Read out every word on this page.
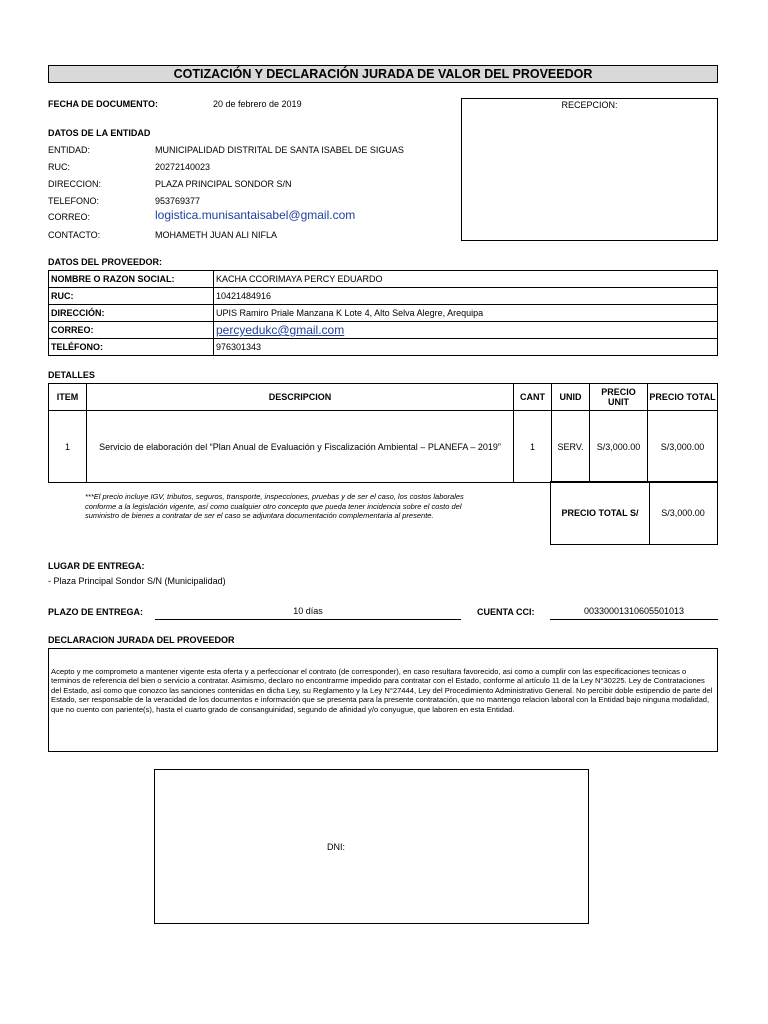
COTIZACIÓN Y DECLARACIÓN JURADA DE VALOR DEL PROVEEDOR
FECHA DE DOCUMENTO:	20 de febrero de 2019	RECEPCION:
DATOS DE LA ENTIDAD
ENTIDAD:	MUNICIPALIDAD DISTRITAL DE SANTA ISABEL DE SIGUAS
RUC:	20272140023
DIRECCION:	PLAZA PRINCIPAL SONDOR S/N
TELEFONO:	953769377
CORREO:	logistica.munisantaisabel@gmail.com
CONTACTO:	MOHAMETH JUAN ALI NIFLA
DATOS DEL PROVEEDOR:
NOMBRE O RAZON SOCIAL:	KACHA CCORIMAYA PERCY EDUARDO
RUC:	10421484916
DIRECCIÓN:	UPIS Ramiro Priale Manzana K Lote 4, Alto Selva Alegre, Arequipa
CORREO:	percyedukc@gmail.com
TELÉFONO:	976301343
DETALLES
ITEM	DESCRIPCION	CANT	UNID	PRECIO UNIT	PRECIO TOTAL
1	Servicio de elaboración del “Plan Anual de Evaluación y Fiscalización Ambiental – PLANEFA – 2019”	1	SERV.	S/3,000.00	S/3,000.00
***El precio incluye IGV, tributos, seguros, transporte, inspecciones, pruebas y de ser el caso, los costos laborales conforme a la legislación vigente, así como cualquier otro concepto que pueda tener incidencia sobre el costo del suministro de bienes a contratar de ser el caso se adjuntara documentación complementaria al presente.	PRECIO TOTAL S/	S/3,000.00
LUGAR DE ENTREGA:
- Plaza Principal Sondor S/N (Municipalidad)
PLAZO DE ENTREGA:	10 días	CUENTA CCI:	00330001310605501013
DECLARACION JURADA DEL PROVEEDOR
Acepto y me comprometo a mantener vigente esta oferta y a perfeccionar el contrato (de corresponder), en caso resultara favorecido, asi como a cumplir con las especificaciones tecnicas o terminos de referencia del bien o servicio a contratar. Asimismo, declaro no encontrarme impedido para contratar con el Estado, conforme al artículo 11 de la Ley N°30225. Ley de Contrataciones del Estado, así como que conozco las sanciones contenidas en dicha Ley, su Reglamento y la Ley N°27444, Ley del Procedimiento Administrativo General. No percibir doble estipendio de parte del Estado, ser responsable de la veracidad de los documentos e información que se presenta para la presente contratación, que no mantengo relacion laboral con la Entidad bajo ninguna modalidad, que no cuento con pariente(s), hasta el cuarto grado de consanguinidad, segundo de afinidad y/o conyugue, que laboren en esta Entidad.
DNI:
